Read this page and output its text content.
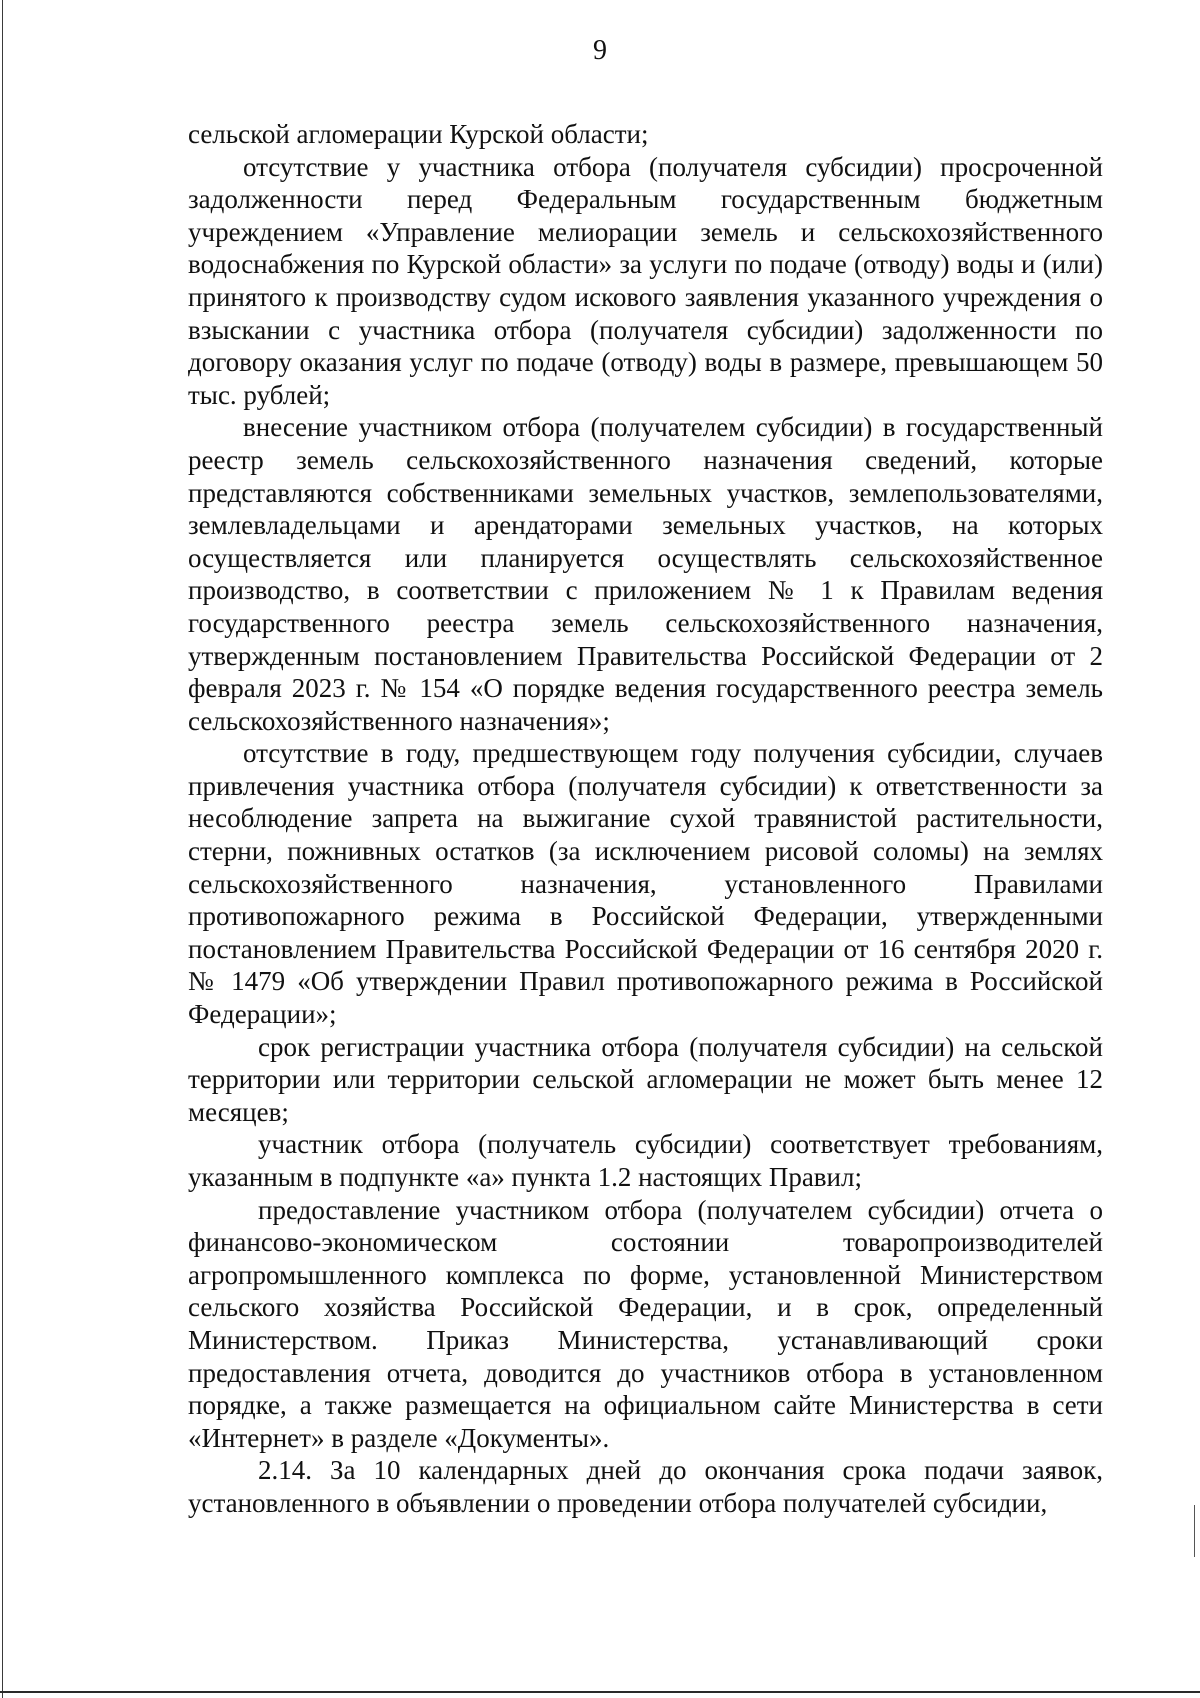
9

сельской агломерации Курской области;

отсутствие у участника отбора (получателя субсидии) просроченной задолженности перед Федеральным государственным бюджетным учреждением «Управление мелиорации земель и сельскохозяйственного водоснабжения по Курской области» за услуги по подаче (отводу) воды и (или) принятого к производству судом искового заявления указанного учреждения о взыскании с участника отбора (получателя субсидии) задолженности по договору оказания услуг по подаче (отводу) воды в размере, превышающем 50 тыс. рублей;

внесение участником отбора (получателем субсидии) в государственный реестр земель сельскохозяйственного назначения сведений, которые представляются собственниками земельных участков, землепользователями, землевладельцами и арендаторами земельных участков, на которых осуществляется или планируется осуществлять сельскохозяйственное производство, в соответствии с приложением № 1 к Правилам ведения государственного реестра земель сельскохозяйственного назначения, утвержденным постановлением Правительства Российской Федерации от 2 февраля 2023 г. № 154 «О порядке ведения государственного реестра земель сельскохозяйственного назначения»;

отсутствие в году, предшествующем году получения субсидии, случаев привлечения участника отбора (получателя субсидии) к ответственности за несоблюдение запрета на выжигание сухой травянистой растительности, стерни, пожнивных остатков (за исключением рисовой соломы) на землях сельскохозяйственного назначения, установленного Правилами противопожарного режима в Российской Федерации, утвержденными постановлением Правительства Российской Федерации от 16 сентября 2020 г. № 1479 «Об утверждении Правил противопожарного режима в Российской Федерации»;

срок регистрации участника отбора (получателя субсидии) на сельской территории или территории сельской агломерации не может быть менее 12 месяцев;

участник отбора (получатель субсидии) соответствует требованиям, указанным в подпункте «а» пункта 1.2 настоящих Правил;

предоставление участником отбора (получателем субсидии) отчета о финансово-экономическом состоянии товаропроизводителей агропромышленного комплекса по форме, установленной Министерством сельского хозяйства Российской Федерации, и в срок, определенный Министерством. Приказ Министерства, устанавливающий сроки предоставления отчета, доводится до участников отбора в установленном порядке, а также размещается на официальном сайте Министерства в сети «Интернет» в разделе «Документы».

2.14. За 10 календарных дней до окончания срока подачи заявок, установленного в объявлении о проведении отбора получателей субсидии,
